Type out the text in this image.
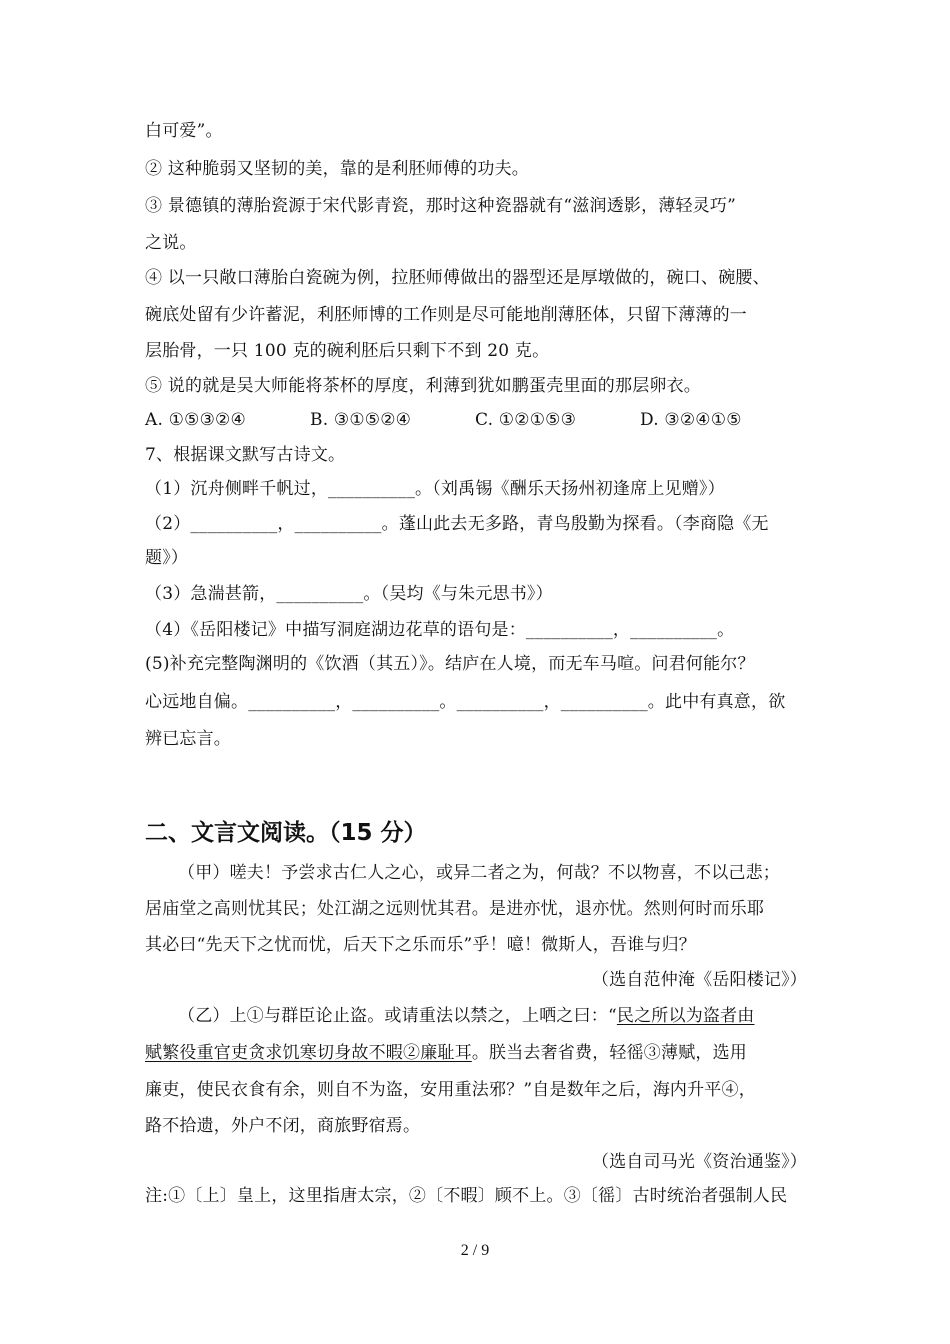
白可爱”。
② 这种脆弱又坚韧的美，靠的是利胚师傅的功夫。
③ 景德镇的薄胎瓷源于宋代影青瓷，那时这种瓷器就有“滋润透影，薄轻灵巧”
之说。
④ 以一只敞口薄胎白瓷碗为例，拉胚师傅做出的器型还是厚墩做的，碗口、碗腰、
碗底处留有少许蓄泥，利胚师博的工作则是尽可能地削薄胚体，只留下薄薄的一
层胎骨，一只 100 克的碗利胚后只剩下不到 20 克。
⑤ 说的就是吴大师能将茶杯的厚度，利薄到犹如鹏蛋壳里面的那层卵衣。
A. ①⑤③②④	B. ③①⑤②④	C. ①②①⑤③	D. ③②④①⑤
7、根据课文默写古诗文。
（1）沉舟侧畔千帆过，__________。（刘禹锡《酬乐天扬州初逢席上见赠》）
（2）__________，__________。蓬山此去无多路，青鸟殷勤为探看。（李商隐《无
题》）
（3）急湍甚箭，__________。（吴均《与朱元思书》）
（4）《岳阳楼记》中描写洞庭湖边花草的语句是：__________，__________。
(5)补充完整陶渊明的《饮酒（其五）》。结庐在人境，而无车马喧。问君何能尔？
心远地自偏。__________，__________。__________，__________。此中有真意，欲
辨已忘言。
二、文言文阅读。（15 分）
（甲）嗟夫！予尝求古仁人之心，或异二者之为，何哉？不以物喜，不以己悲；
居庙堂之高则忧其民；处江湖之远则忧其君。是进亦忧，退亦忧。然则何时而乐耶
其必曰“先天下之忧而忧，后天下之乐而乐”乎！噫！微斯人，吾谁与归？
（选自范仲淹《岳阳楼记》）
（乙）上①与群臣论止盗。或请重法以禁之，上哂之曰：“民之所以为盗者由
赋繁役重官吏贪求饥寒切身故不暇②廉耻耳。朕当去奢省费，轻徭③薄赋，选用
廉吏，使民衣食有余，则自不为盗，安用重法邪？”自是数年之后，海内升平④，
路不拾遗，外户不闭，商旅野宿焉。
（选自司马光《资治通鉴》）
注:①〔上〕皇上，这里指唐太宗，②〔不暇〕顾不上。③〔徭〕古时统治者强制人民
2 / 9
